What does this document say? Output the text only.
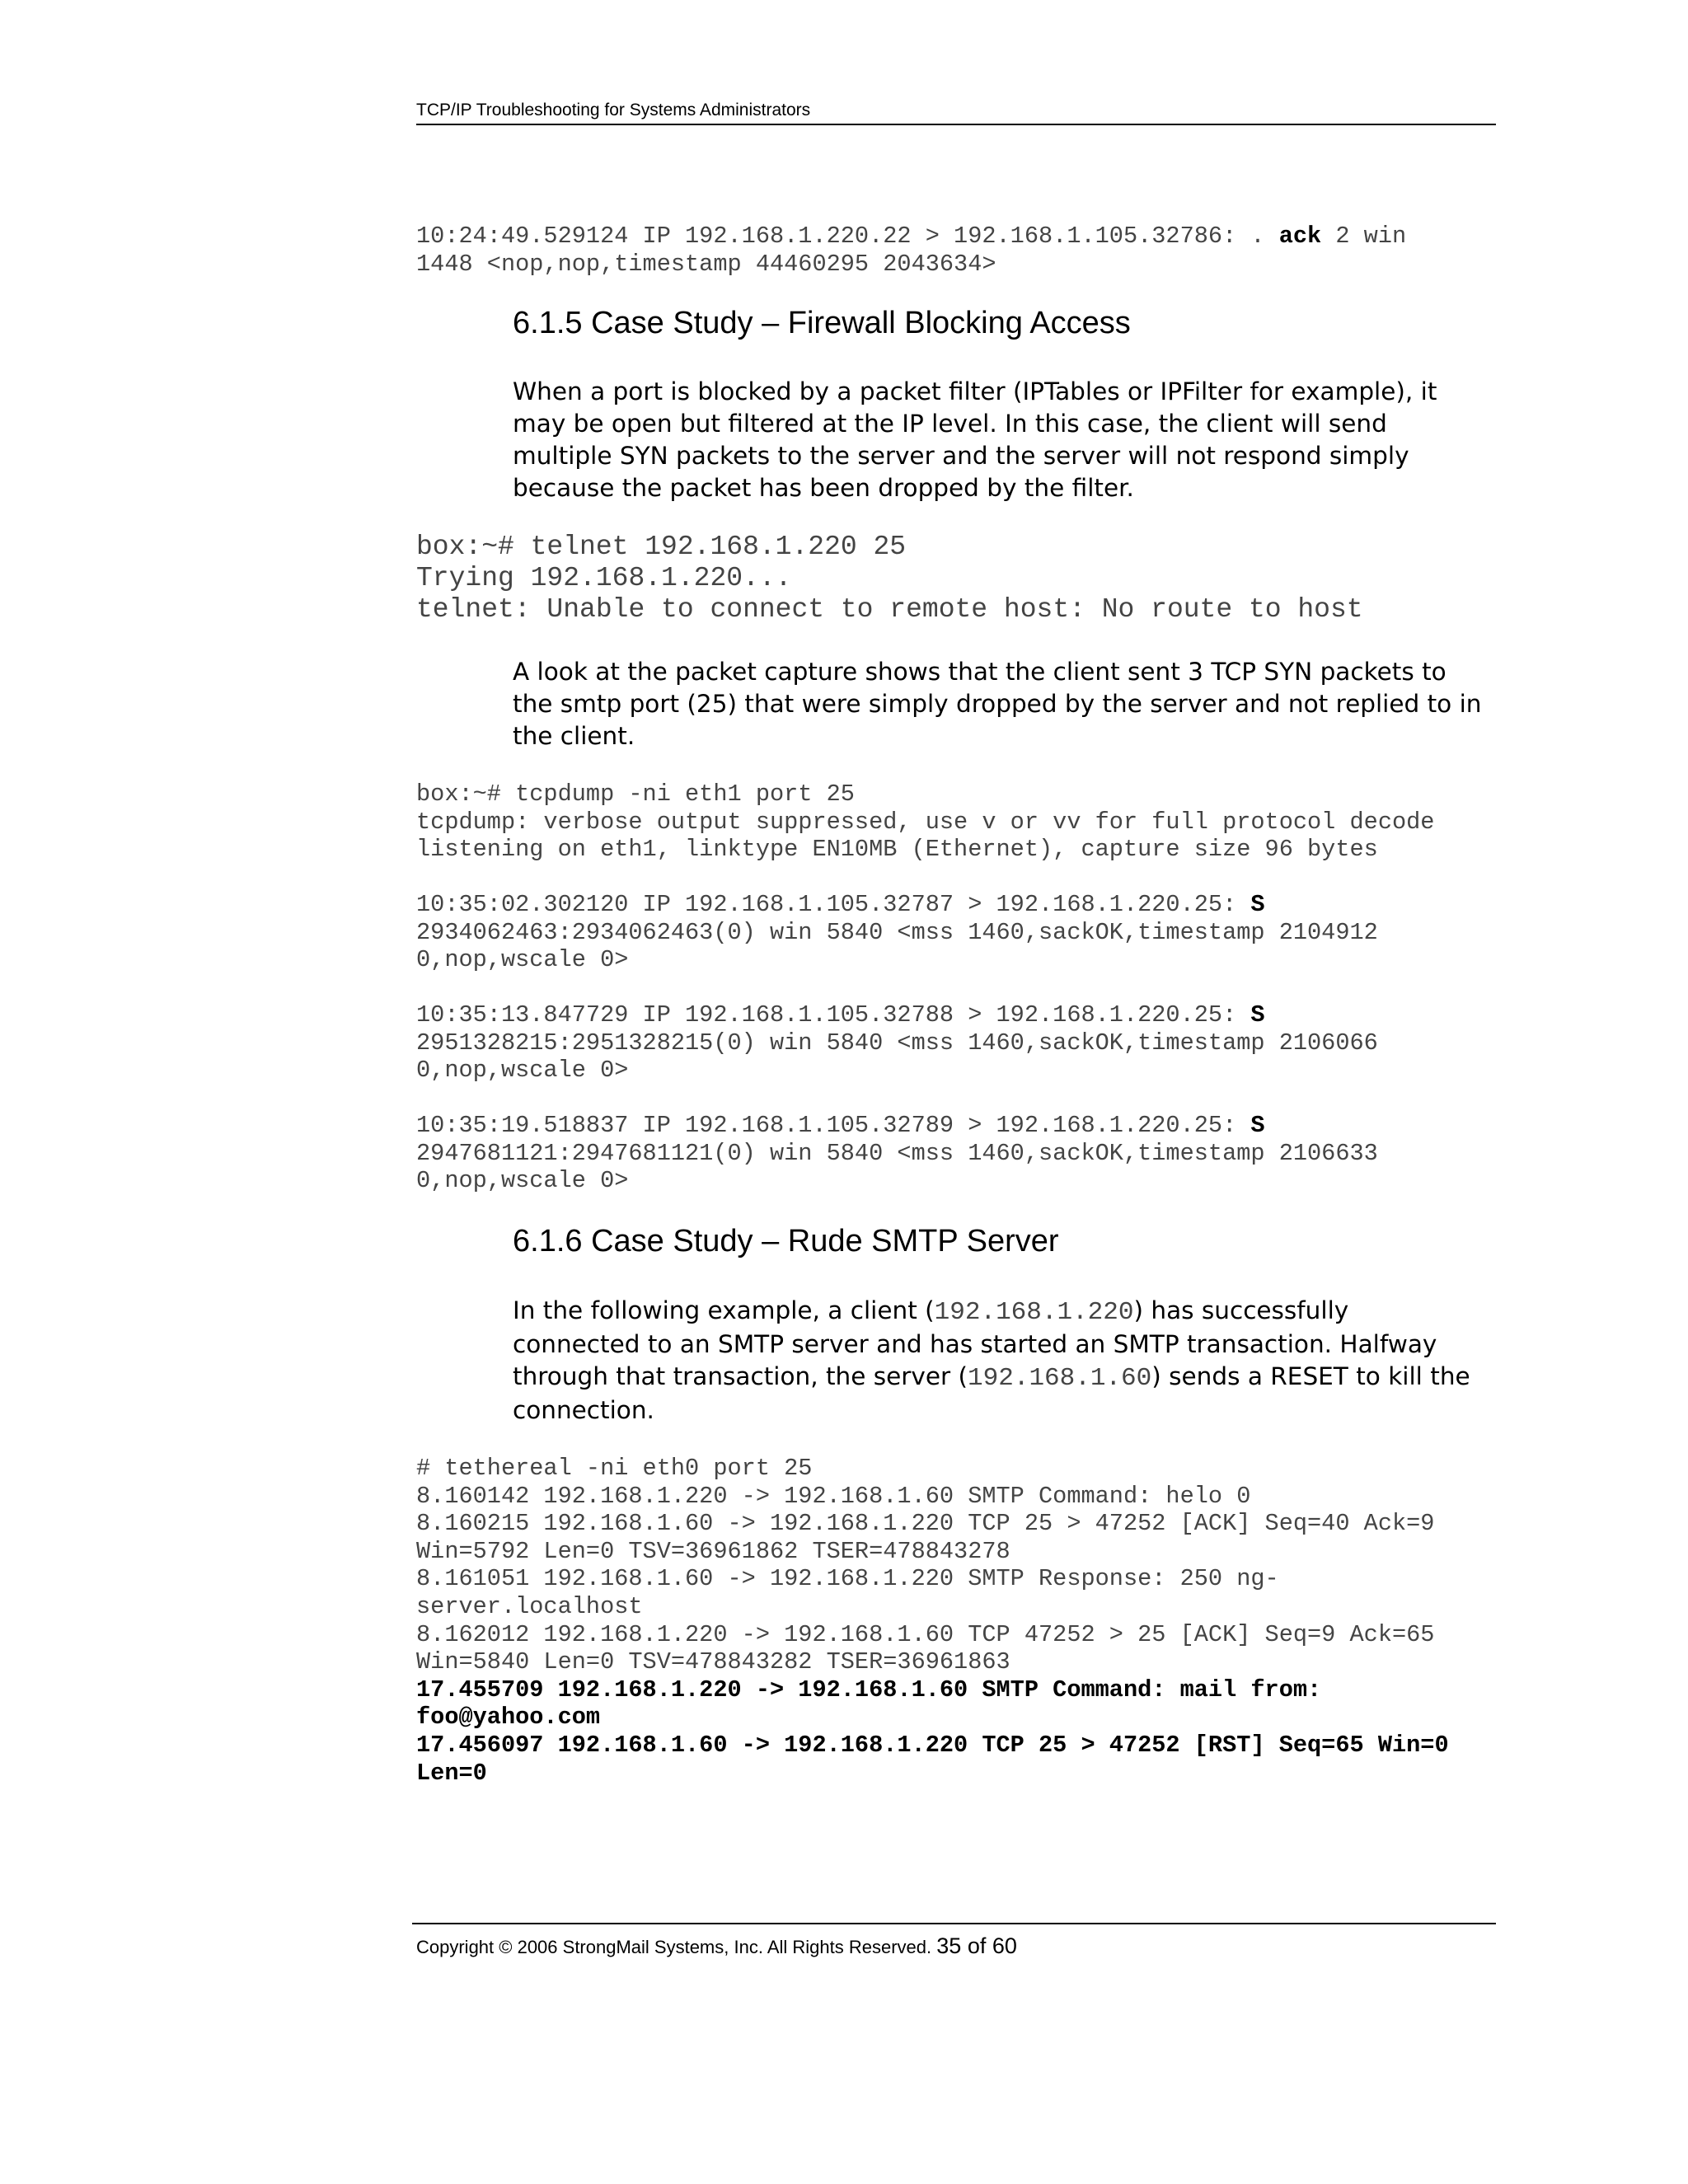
TCP/IP Troubleshooting for Systems Administrators
10:24:49.529124 IP 192.168.1.220.22 > 192.168.1.105.32786: . ack 2 win
1448 <nop,nop,timestamp 44460295 2043634>
6.1.5 Case Study – Firewall Blocking Access
When a port is blocked by a packet filter (IPTables or IPFilter for example), it
may be open but filtered at the IP level. In this case, the client will send
multiple SYN packets to the server and the server will not respond simply
because the packet has been dropped by the filter.
box:~# telnet 192.168.1.220 25
Trying 192.168.1.220...
telnet: Unable to connect to remote host: No route to host
A look at the packet capture shows that the client sent 3 TCP SYN packets to
the smtp port (25) that were simply dropped by the server and not replied to in
the client.
box:~# tcpdump -ni eth1 port 25
tcpdump: verbose output suppressed, use v or vv for full protocol decode
listening on eth1, linktype EN10MB (Ethernet), capture size 96 bytes
10:35:02.302120 IP 192.168.1.105.32787 > 192.168.1.220.25: S
2934062463:2934062463(0) win 5840 <mss 1460,sackOK,timestamp 2104912
0,nop,wscale 0>
10:35:13.847729 IP 192.168.1.105.32788 > 192.168.1.220.25: S
2951328215:2951328215(0) win 5840 <mss 1460,sackOK,timestamp 2106066
0,nop,wscale 0>
10:35:19.518837 IP 192.168.1.105.32789 > 192.168.1.220.25: S
2947681121:2947681121(0) win 5840 <mss 1460,sackOK,timestamp 2106633
0,nop,wscale 0>
6.1.6 Case Study – Rude SMTP Server
In the following example, a client (192.168.1.220) has successfully
connected to an SMTP server and has started an SMTP transaction. Halfway
through that transaction, the server (192.168.1.60) sends a RESET to kill the
connection.
# tethereal -ni eth0 port 25
8.160142 192.168.1.220 -> 192.168.1.60 SMTP Command: helo 0
8.160215 192.168.1.60 -> 192.168.1.220 TCP 25 > 47252 [ACK] Seq=40 Ack=9
Win=5792 Len=0 TSV=36961862 TSER=478843278
8.161051 192.168.1.60 -> 192.168.1.220 SMTP Response: 250 ng-
server.localhost
8.162012 192.168.1.220 -> 192.168.1.60 TCP 47252 > 25 [ACK] Seq=9 Ack=65
Win=5840 Len=0 TSV=478843282 TSER=36961863
17.455709 192.168.1.220 -> 192.168.1.60 SMTP Command: mail from:
foo@yahoo.com
17.456097 192.168.1.60 -> 192.168.1.220 TCP 25 > 47252 [RST] Seq=65 Win=0
Len=0
Copyright © 2006 StrongMail Systems, Inc. All Rights Reserved. 35 of 60
